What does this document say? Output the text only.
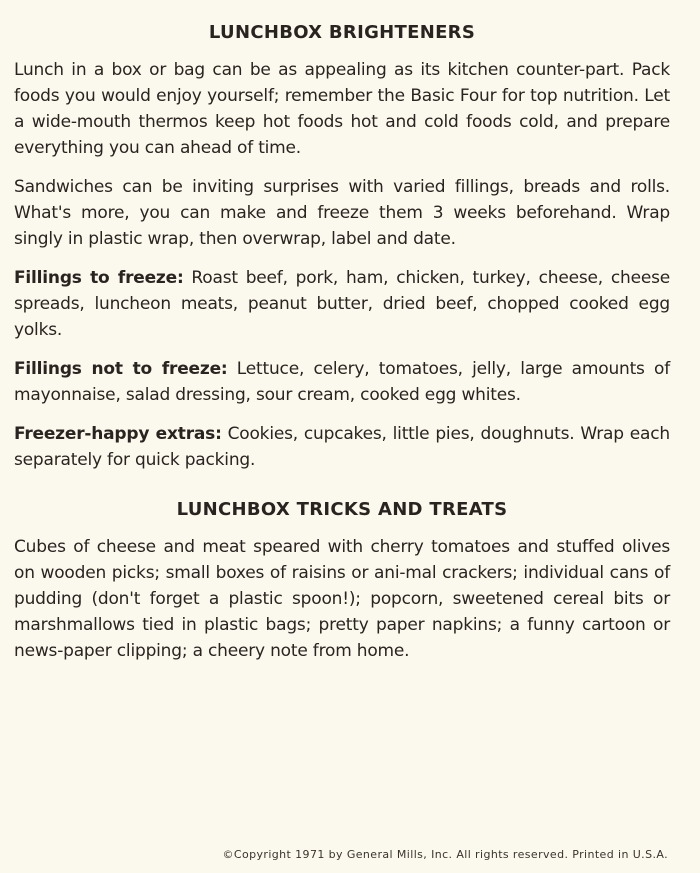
LUNCHBOX BRIGHTENERS

Lunch in a box or bag can be as appealing as its kitchen counter-part. Pack foods you would enjoy yourself; remember the Basic Four for top nutrition. Let a wide-mouth thermos keep hot foods hot and cold foods cold, and prepare everything you can ahead of time.

Sandwiches can be inviting surprises with varied fillings, breads and rolls. What's more, you can make and freeze them 3 weeks beforehand. Wrap singly in plastic wrap, then overwrap, label and date.

Fillings to freeze: Roast beef, pork, ham, chicken, turkey, cheese, cheese spreads, luncheon meats, peanut butter, dried beef, chopped cooked egg yolks.

Fillings not to freeze: Lettuce, celery, tomatoes, jelly, large amounts of mayonnaise, salad dressing, sour cream, cooked egg whites.

Freezer-happy extras: Cookies, cupcakes, little pies, doughnuts. Wrap each separately for quick packing.

LUNCHBOX TRICKS AND TREATS

Cubes of cheese and meat speared with cherry tomatoes and stuffed olives on wooden picks; small boxes of raisins or ani-mal crackers; individual cans of pudding (don't forget a plastic spoon!); popcorn, sweetened cereal bits or marshmallows tied in plastic bags; pretty paper napkins; a funny cartoon or news-paper clipping; a cheery note from home.

©Copyright 1971 by General Mills, Inc. All rights reserved. Printed in U.S.A.
